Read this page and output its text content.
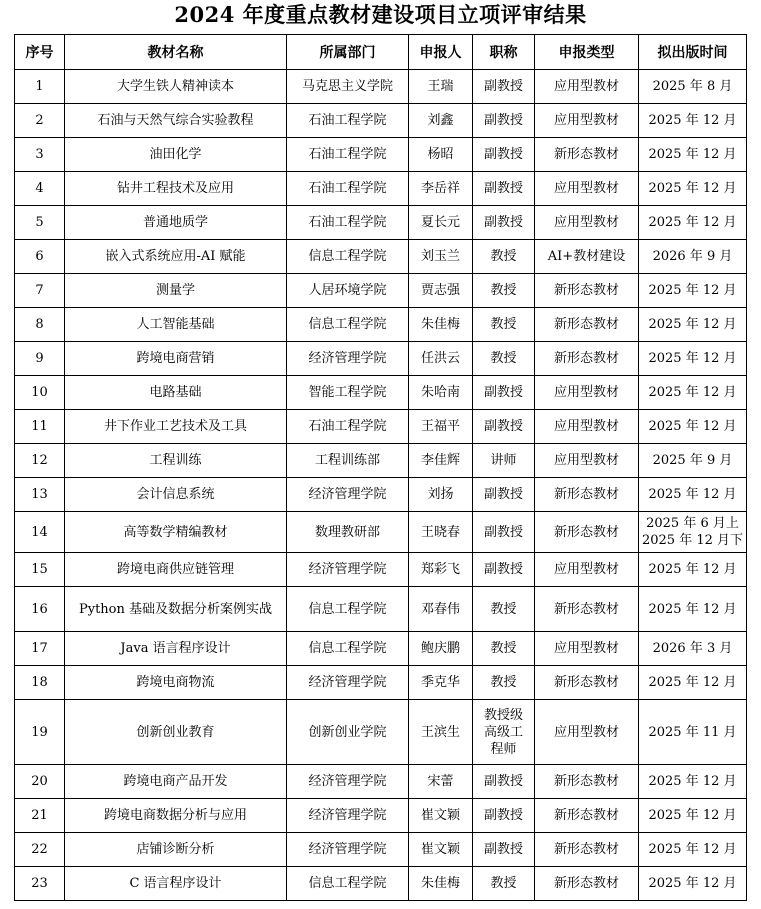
2024 年度重点教材建设项目立项评审结果
序号	教材名称	所属部门	申报人	职称	申报类型	拟出版时间
1	大学生铁人精神读本	马克思主义学院	王瑞	副教授	应用型教材	2025 年 8 月

2	石油与天然气综合实验教程	石油工程学院	刘鑫	副教授	应用型教材	2025 年 12 月

3	油田化学	石油工程学院	杨昭	副教授	新形态教材	2025 年 12 月

4	钻井工程技术及应用	石油工程学院	李岳祥	副教授	应用型教材	2025 年 12 月

5	普通地质学	石油工程学院	夏长元	副教授	应用型教材	2025 年 12 月

6	嵌入式系统应用-AI 赋能	信息工程学院	刘玉兰	教授	AI+教材建设	2026 年 9 月

7	测量学	人居环境学院	贾志强	教授	新形态教材	2025 年 12 月

8	人工智能基础	信息工程学院	朱佳梅	教授	新形态教材	2025 年 12 月

9	跨境电商营销	经济管理学院	任洪云	教授	新形态教材	2025 年 12 月

10	电路基础	智能工程学院	朱哈南	副教授	应用型教材	2025 年 12 月

11	井下作业工艺技术及工具	石油工程学院	王福平	副教授	应用型教材	2025 年 12 月

12	工程训练	工程训练部	李佳辉	讲师	应用型教材	2025 年 9 月

13	会计信息系统	经济管理学院	刘扬	副教授	新形态教材	2025 年 12 月

14	高等数学精编教材	数理教研部	王晓春	副教授	新形态教材	2025 年 6 月上
2025 年 12 月下

15	跨境电商供应链管理	经济管理学院	郑彩飞	副教授	应用型教材	2025 年 12 月

16	Python 基础及数据分析案例实战	信息工程学院	邓春伟	教授	新形态教材	2025 年 12 月

17	Java 语言程序设计	信息工程学院	鲍庆鹏	教授	应用型教材	2026 年 3 月

18	跨境电商物流	经济管理学院	季克华	教授	新形态教材	2025 年 12 月

19	创新创业教育	创新创业学院	王滨生	教授级高级工程师	应用型教材	2025 年 11 月

20	跨境电商产品开发	经济管理学院	宋蕾	副教授	新形态教材	2025 年 12 月

21	跨境电商数据分析与应用	经济管理学院	崔文颖	副教授	新形态教材	2025 年 12 月

22	店铺诊断分析	经济管理学院	崔文颖	副教授	新形态教材	2025 年 12 月

23	C 语言程序设计	信息工程学院	朱佳梅	教授	新形态教材	2025 年 12 月
